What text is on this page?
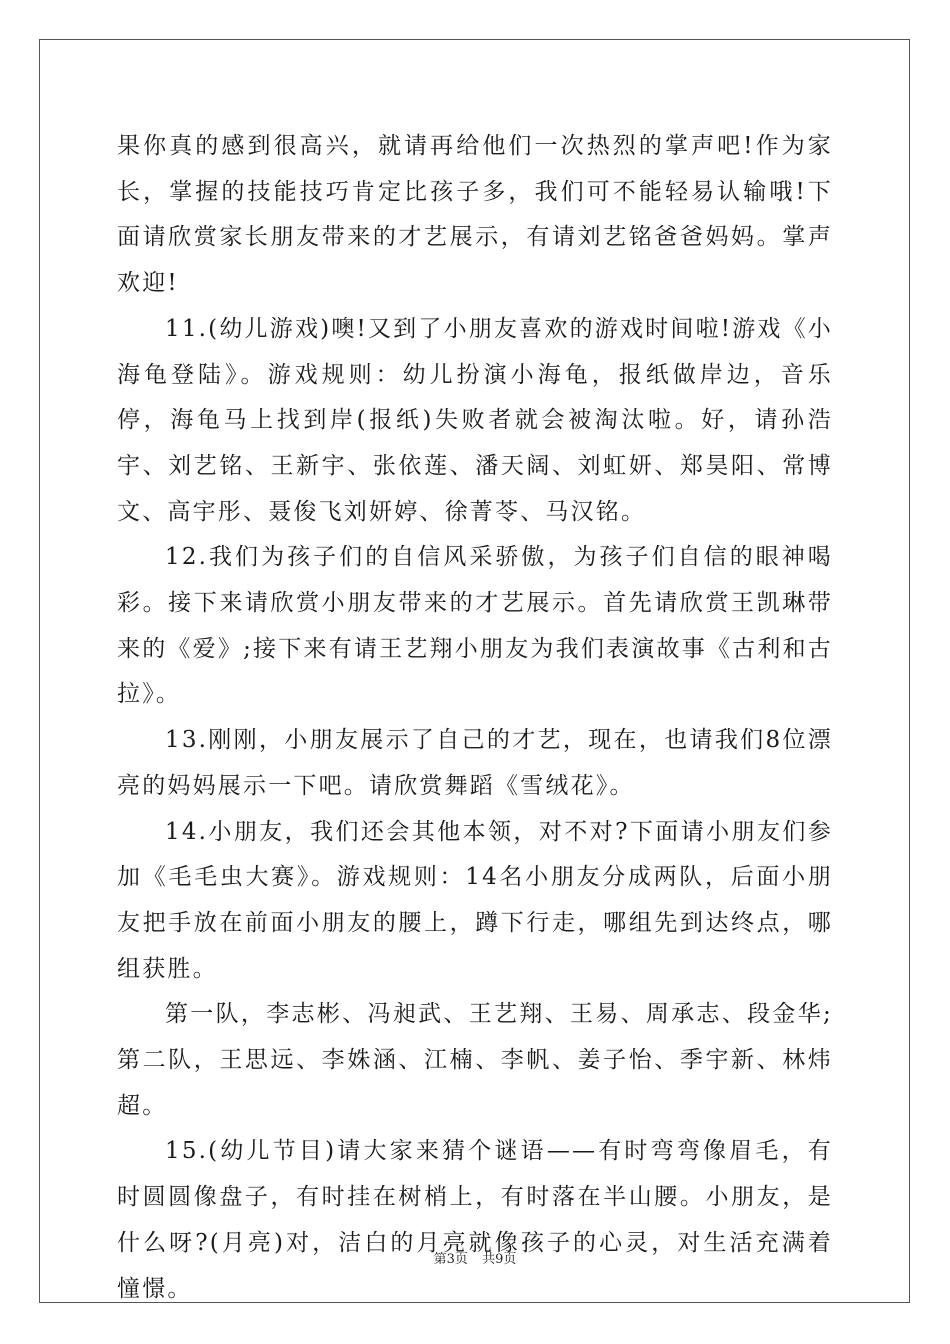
果你真的感到很高兴，就请再给他们一次热烈的掌声吧!作为家长，掌握的技能技巧肯定比孩子多，我们可不能轻易认输哦!下面请欣赏家长朋友带来的才艺展示，有请刘艺铭爸爸妈妈。掌声欢迎!

11.(幼儿游戏)噢!又到了小朋友喜欢的游戏时间啦!游戏《小海龟登陆》。游戏规则：幼儿扮演小海龟，报纸做岸边，音乐停，海龟马上找到岸(报纸)失败者就会被淘汰啦。好，请孙浩宇、刘艺铭、王新宇、张依莲、潘天阔、刘虹妍、郑昊阳、常博文、高宇彤、聂俊飞刘妍婷、徐菁苓、马汉铭。

12.我们为孩子们的自信风采骄傲，为孩子们自信的眼神喝彩。接下来请欣赏小朋友带来的才艺展示。首先请欣赏王凯琳带来的《爱》;接下来有请王艺翔小朋友为我们表演故事《古利和古拉》。

13.刚刚，小朋友展示了自己的才艺，现在，也请我们8位漂亮的妈妈展示一下吧。请欣赏舞蹈《雪绒花》。

14.小朋友，我们还会其他本领，对不对?下面请小朋友们参加《毛毛虫大赛》。游戏规则：14名小朋友分成两队，后面小朋友把手放在前面小朋友的腰上，蹲下行走，哪组先到达终点，哪组获胜。

第一队，李志彬、冯昶武、王艺翔、王易、周承志、段金华;第二队，王思远、李姝涵、江楠、李帆、姜子怡、季宇新、林炜超。

15.(幼儿节目)请大家来猜个谜语——有时弯弯像眉毛，有时圆圆像盘子，有时挂在树梢上，有时落在半山腰。小朋友，是什么呀?(月亮)对，洁白的月亮就像孩子的心灵，对生活充满着憧憬。

第3页 共9页
